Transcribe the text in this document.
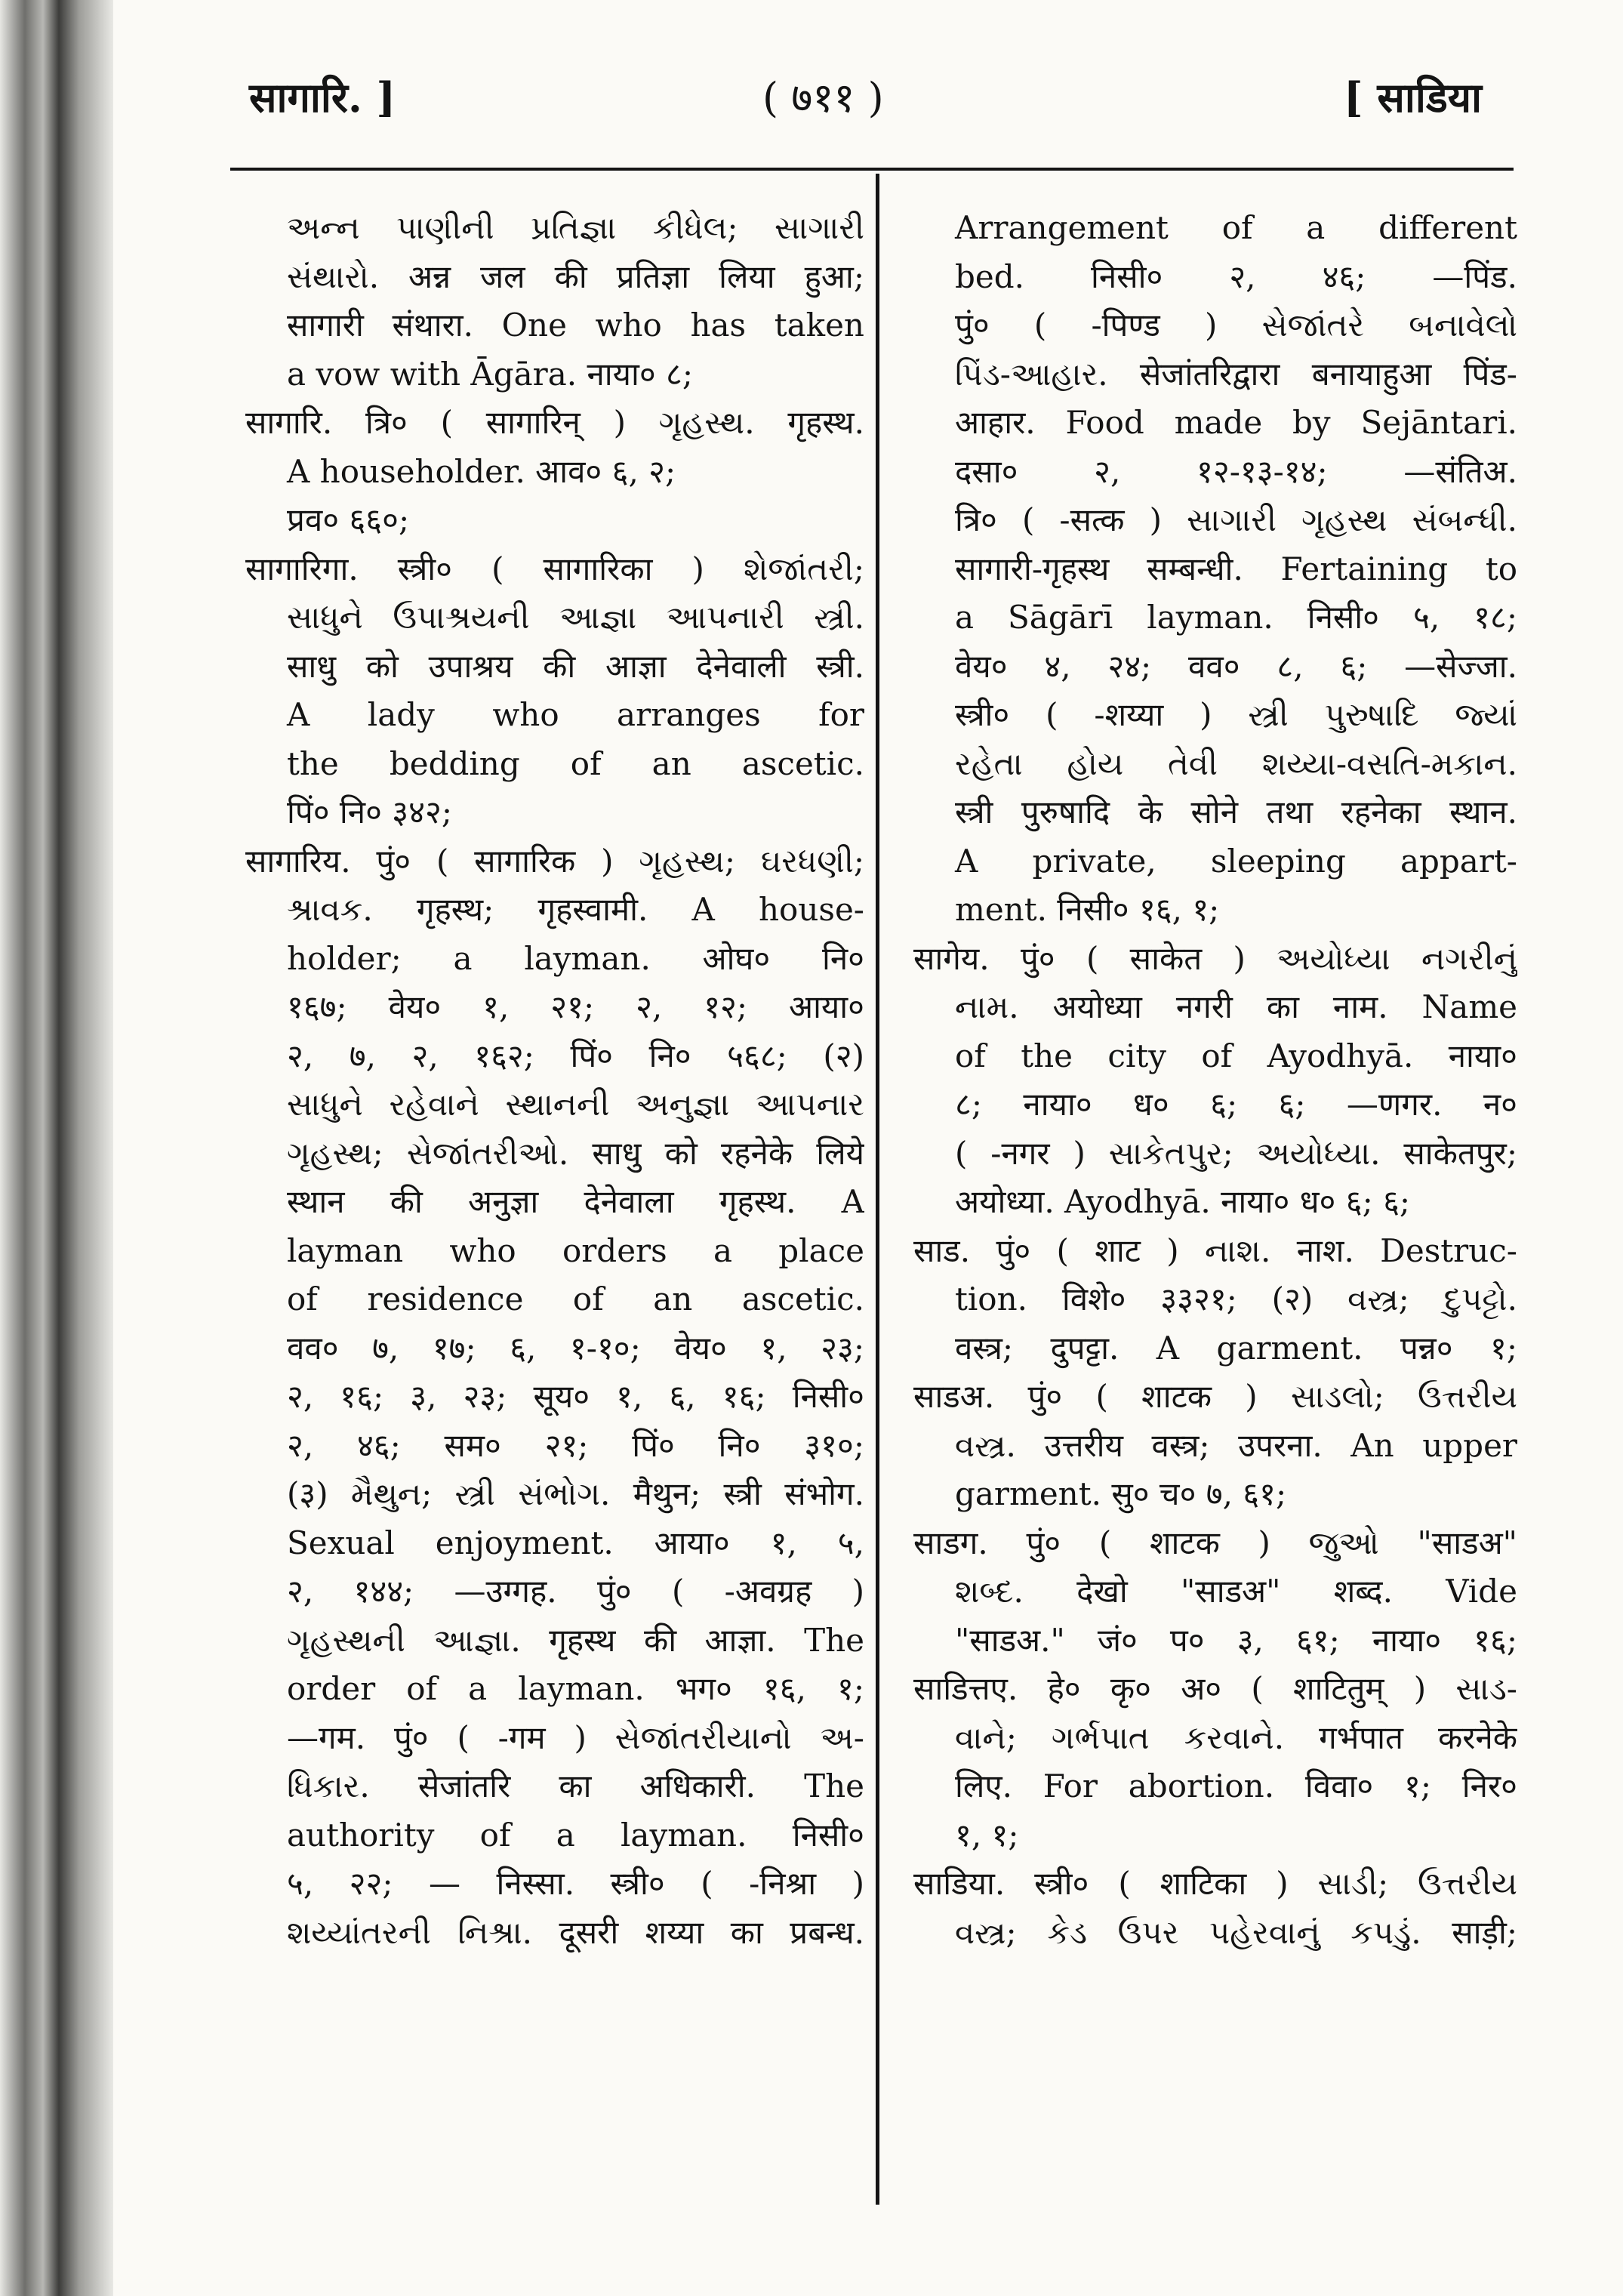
सागारि. ]	( ७११ )	[ साडिया
અન્ન પાણીની પ્રતિજ્ઞા કીધેલ; સાગારી
સંથારો. अन्न जल की प्रतिज्ञा लिया हुआ;
सागारी संथारा. One who has taken
a vow with Āgāra. नाया० ८;
सागारि. त्रि० ( सागारिन् ) ગૃહસ્થ. गृहस्थ.
A householder. आव० ६, २;
प्रव० ६६०;
सागारिगा. स्त्री० ( सागारिका ) શેજાંતરી;
સાધુને ઉપાશ્રયની આજ્ઞા આપનારી સ્ત્રી.
साधु को उपाश्रय की आज्ञा देनेवाली स्त्री.
A lady who arranges for
the bedding of an ascetic.
पिं० नि० ३४२;
सागारिय. पुं० ( सागारिक ) ગૃહસ્થ; ઘરધણી;
શ્રાવક. गृहस्थ; गृहस्वामी. A house-
holder; a layman. ओघ० नि०
१६७; वेय० १, २१; २, १२; आया०
२, ७, २, १६२; पिं० नि० ५६८; (२)
સાધુને રહેવાને સ્થાનની અનુજ્ઞા આપનાર
ગૃહસ્થ; સેજાંતરીઓ. साधु को रहनेके लिये
स्थान की अनुज्ञा देनेवाला गृहस्थ. A
layman who orders a place
of residence of an ascetic.
वव० ७, १७; ६, १-१०; वेय० १, २३;
२, १६; ३, २३; सूय० १, ६, १६; निसी०
२, ४६; सम० २१; पिं० नि० ३१०;
(३) મૈથુન; સ્ત્રી સંભોગ. मैथुन; स्त्री संभोग.
Sexual enjoyment. आया० १, ५,
२, १४४; —उग्गह. पुं० ( -अवग्रह )
ગૃહસ્થની આજ્ઞા. गृहस्थ की आज्ञा. The
order of a layman. भग० १६, १;
—गम. पुं० ( -गम ) સેજાંતરીયાનો અ-
ધિકાર. सेजांतरि का अधिकारी. The
authority of a layman. निसी०
५, २२; — निस्सा. स्त्री० ( -निश्रा )
શય્યાંતરની નિશ્રા. दूसरी शय्या का प्रबन्ध.
Arrangement of a different
bed. निसी० २, ४६; —पिंड.
पुं० ( -पिण्ड ) સેજાંતરે બનાવેલો
પિંડ-આહાર. सेजांतरिद्वारा बनायाहुआ पिंड-
आहार. Food made by Sejāntari.
दसा० २, १२-१३-१४; —संतिअ.
त्रि० ( -सत्क ) સાગારી ગૃહસ્થ સંબન્ધી.
सागारी-गृहस्थ सम्बन्धी. Fertaining to
a Sāgārī layman. निसी० ५, १८;
वेय० ४, २४; वव० ८, ६; —सेज्जा.
स्त्री० ( -शय्या ) સ્ત્રી પુરુષાદિ જ્યાં
રહેતા હોય તેવી શય્યા-વસતિ-મકાન.
स्त्री पुरुषादि के सोने तथा रहनेका स्थान.
A private, sleeping appart-
ment. निसी० १६, १;
सागेय. पुं० ( साकेत ) અયોધ્યા નગરીનું
નામ. अयोध्या नगरी का नाम. Name
of the city of Ayodhyā. नाया०
८; नाया० ध० ६; ६; —णगर. न०
( -नगर ) સાકેતપુર; અયોધ્યા. साकेतपुर;
अयोध्या. Ayodhyā. नाया० ध० ६; ६;
साड. पुं० ( शाट ) નાશ. नाश. Destruc-
tion. विशे० ३३२१; (२) વસ્ત્ર; દુપટ્ટો.
वस्त्र; दुपट्टा. A garment. पन्न० १;
साडअ. पुं० ( शाटक ) સાડલો; ઉત્તરીય
વસ્ત્ર. उत्तरीय वस्त्र; उपरना. An upper
garment. सु० च० ७, ६१;
साडग. पुं० ( शाटक ) જુઓ "साडअ"
શબ્દ. देखो "साडअ" शब्द. Vide
"साडअ." जं० प० ३, ६१; नाया० १६;
साडित्तए. हे० कृ० अ० ( शाटितुम् ) સાડ-
વાને; ગર્ભપાત કરવાને. गर्भपात करनेके
लिए. For abortion. विवा० १; निर०
१, १;
साडिया. स्त्री० ( शाटिका ) સાડી; ઉત્તરીય
વસ્ત્ર; કેડ ઉપર પહેરવાનું કપડું. साड़ी;
